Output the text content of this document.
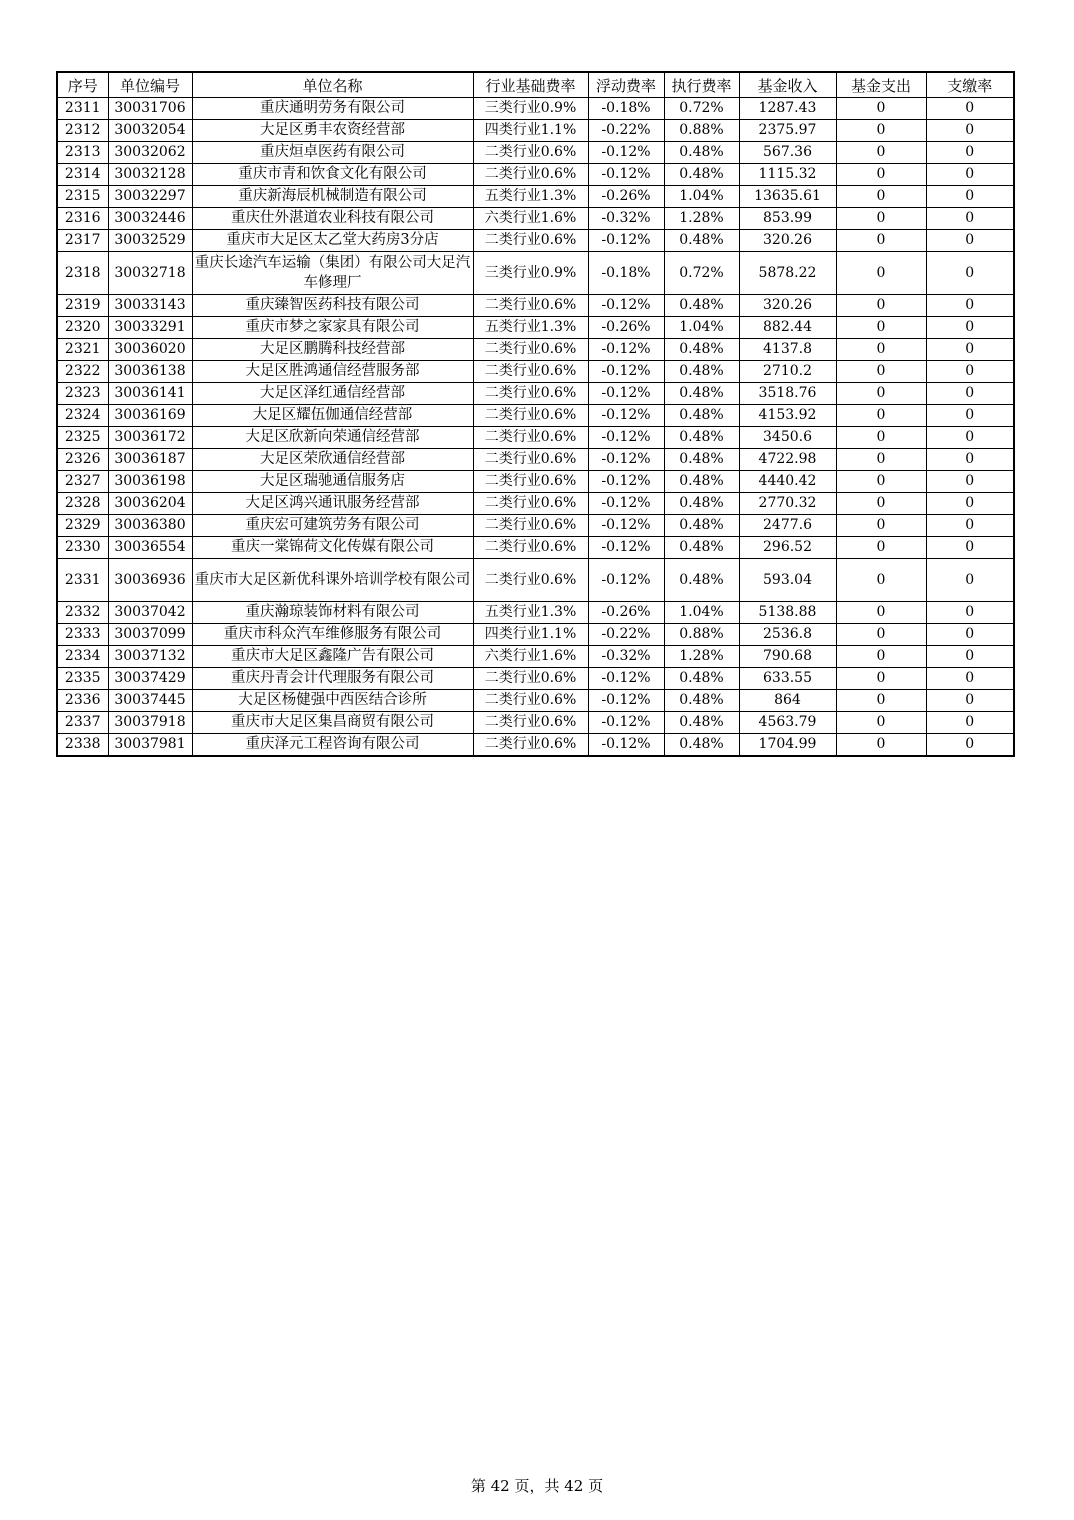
序号	单位编号	单位名称	行业基础费率	浮动费率	执行费率	基金收入	基金支出	支缴率
2311	30031706	重庆通明劳务有限公司	三类行业0.9%	-0.18%	0.72%	1287.43	0	0
2312	30032054	大足区勇丰农资经营部	四类行业1.1%	-0.22%	0.88%	2375.97	0	0
2313	30032062	重庆烜卓医药有限公司	二类行业0.6%	-0.12%	0.48%	567.36	0	0
2314	30032128	重庆市青和饮食文化有限公司	二类行业0.6%	-0.12%	0.48%	1115.32	0	0
2315	30032297	重庆新海辰机械制造有限公司	五类行业1.3%	-0.26%	1.04%	13635.61	0	0
2316	30032446	重庆仕外湛道农业科技有限公司	六类行业1.6%	-0.32%	1.28%	853.99	0	0
2317	30032529	重庆市大足区太乙堂大药房3分店	二类行业0.6%	-0.12%	0.48%	320.26	0	0
2318	30032718	重庆长途汽车运输（集团）有限公司大足汽车修理厂	三类行业0.9%	-0.18%	0.72%	5878.22	0	0
2319	30033143	重庆臻智医药科技有限公司	二类行业0.6%	-0.12%	0.48%	320.26	0	0
2320	30033291	重庆市梦之家家具有限公司	五类行业1.3%	-0.26%	1.04%	882.44	0	0
2321	30036020	大足区鹏腾科技经营部	二类行业0.6%	-0.12%	0.48%	4137.8	0	0
2322	30036138	大足区胜鸿通信经营服务部	二类行业0.6%	-0.12%	0.48%	2710.2	0	0
2323	30036141	大足区泽红通信经营部	二类行业0.6%	-0.12%	0.48%	3518.76	0	0
2324	30036169	大足区耀伍伽通信经营部	二类行业0.6%	-0.12%	0.48%	4153.92	0	0
2325	30036172	大足区欣新向荣通信经营部	二类行业0.6%	-0.12%	0.48%	3450.6	0	0
2326	30036187	大足区荣欣通信经营部	二类行业0.6%	-0.12%	0.48%	4722.98	0	0
2327	30036198	大足区瑞驰通信服务店	二类行业0.6%	-0.12%	0.48%	4440.42	0	0
2328	30036204	大足区鸿兴通讯服务经营部	二类行业0.6%	-0.12%	0.48%	2770.32	0	0
2329	30036380	重庆宏可建筑劳务有限公司	二类行业0.6%	-0.12%	0.48%	2477.6	0	0
2330	30036554	重庆一棠锦荷文化传媒有限公司	二类行业0.6%	-0.12%	0.48%	296.52	0	0
2331	30036936	重庆市大足区新优科课外培训学校有限公司	二类行业0.6%	-0.12%	0.48%	593.04	0	0
2332	30037042	重庆瀚琼装饰材料有限公司	五类行业1.3%	-0.26%	1.04%	5138.88	0	0
2333	30037099	重庆市科众汽车维修服务有限公司	四类行业1.1%	-0.22%	0.88%	2536.8	0	0
2334	30037132	重庆市大足区鑫隆广告有限公司	六类行业1.6%	-0.32%	1.28%	790.68	0	0
2335	30037429	重庆丹青会计代理服务有限公司	二类行业0.6%	-0.12%	0.48%	633.55	0	0
2336	30037445	大足区杨健强中西医结合诊所	二类行业0.6%	-0.12%	0.48%	864	0	0
2337	30037918	重庆市大足区集昌商贸有限公司	二类行业0.6%	-0.12%	0.48%	4563.79	0	0
2338	30037981	重庆泽元工程咨询有限公司	二类行业0.6%	-0.12%	0.48%	1704.99	0	0
第 42 页，共 42 页
